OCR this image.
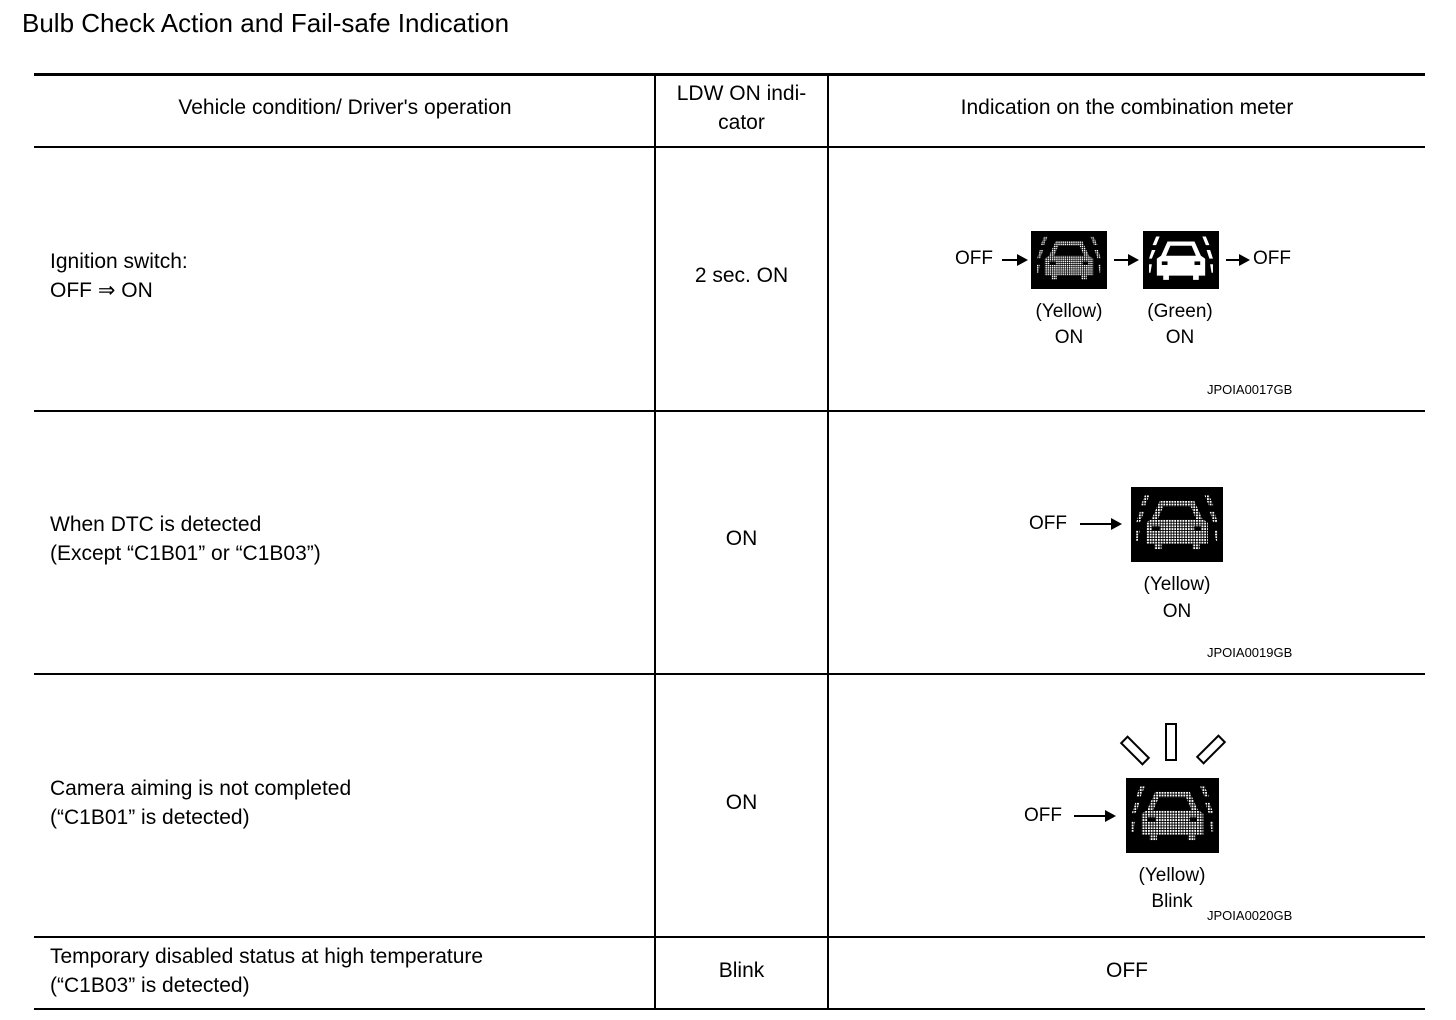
Bulb Check Action and Fail-safe Indication
Vehicle condition/ Driver's operation
LDW ON indi-
cator
Indication on the combination meter
Ignition switch:
OFF ⇒ ON
2 sec. ON
OFF	OFF
(Yellow)
ON
(Green)
ON
JPOIA0017GB
When DTC is detected
(Except “C1B01” or “C1B03”)
ON
OFF
(Yellow)
ON
JPOIA0019GB
Camera aiming is not completed
(“C1B01” is detected)
ON
OFF
(Yellow)
Blink
JPOIA0020GB
Temporary disabled status at high temperature
(“C1B03” is detected)
Blink	OFF
